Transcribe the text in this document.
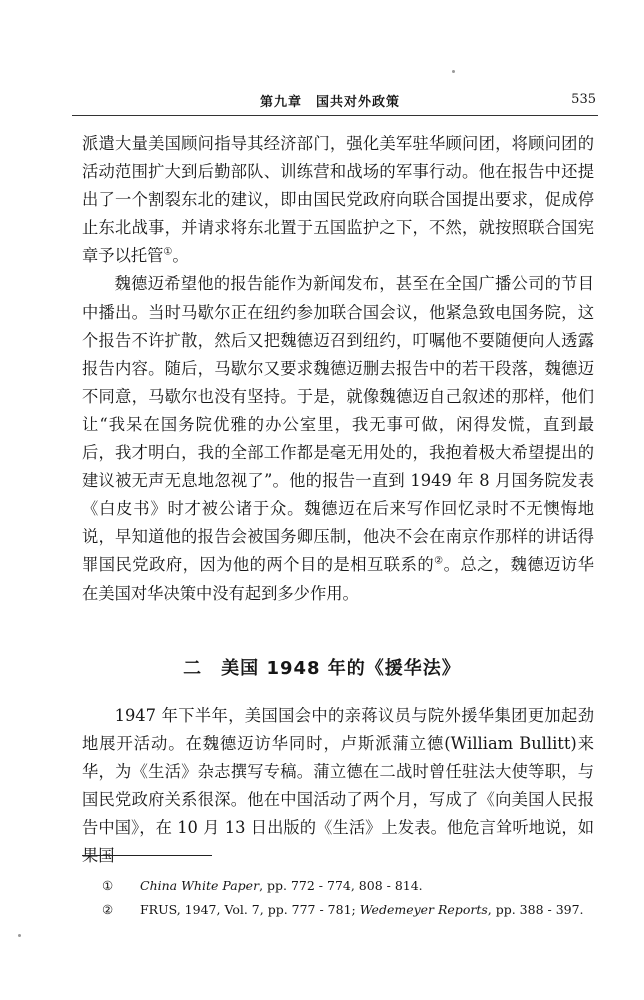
第九章　国共对外政策	535

派遣大量美国顾问指导其经济部门，强化美军驻华顾问团，将顾问团的活动范围扩大到后勤部队、训练营和战场的军事行动。他在报告中还提出了一个割裂东北的建议，即由国民党政府向联合国提出要求，促成停止东北战事，并请求将东北置于五国监护之下，不然，就按照联合国宪章予以托管①。

魏德迈希望他的报告能作为新闻发布，甚至在全国广播公司的节目中播出。当时马歇尔正在纽约参加联合国会议，他紧急致电国务院，这个报告不许扩散，然后又把魏德迈召到纽约，叮嘱他不要随便向人透露报告内容。随后，马歇尔又要求魏德迈删去报告中的若干段落，魏德迈不同意，马歇尔也没有坚持。于是，就像魏德迈自己叙述的那样，他们让“我呆在国务院优雅的办公室里，我无事可做，闲得发慌，直到最后，我才明白，我的全部工作都是毫无用处的，我抱着极大希望提出的建议被无声无息地忽视了”。他的报告一直到 1949 年 8 月国务院发表《白皮书》时才被公诸于众。魏德迈在后来写作回忆录时不无懊悔地说，早知道他的报告会被国务卿压制，他决不会在南京作那样的讲话得罪国民党政府，因为他的两个目的是相互联系的②。总之，魏德迈访华在美国对华决策中没有起到多少作用。

二　美国 1948 年的《援华法》

1947 年下半年，美国国会中的亲蒋议员与院外援华集团更加起劲地展开活动。在魏德迈访华同时，卢斯派蒲立德(William Bullitt)来华，为《生活》杂志撰写专稿。蒲立德在二战时曾任驻法大使等职，与国民党政府关系很深。他在中国活动了两个月，写成了《向美国人民报告中国》，在 10 月 13 日出版的《生活》上发表。他危言耸听地说，如果国

① China White Paper, pp. 772 - 774, 808 - 814.
② FRUS, 1947, Vol. 7, pp. 777 - 781; Wedemeyer Reports, pp. 388 - 397.
